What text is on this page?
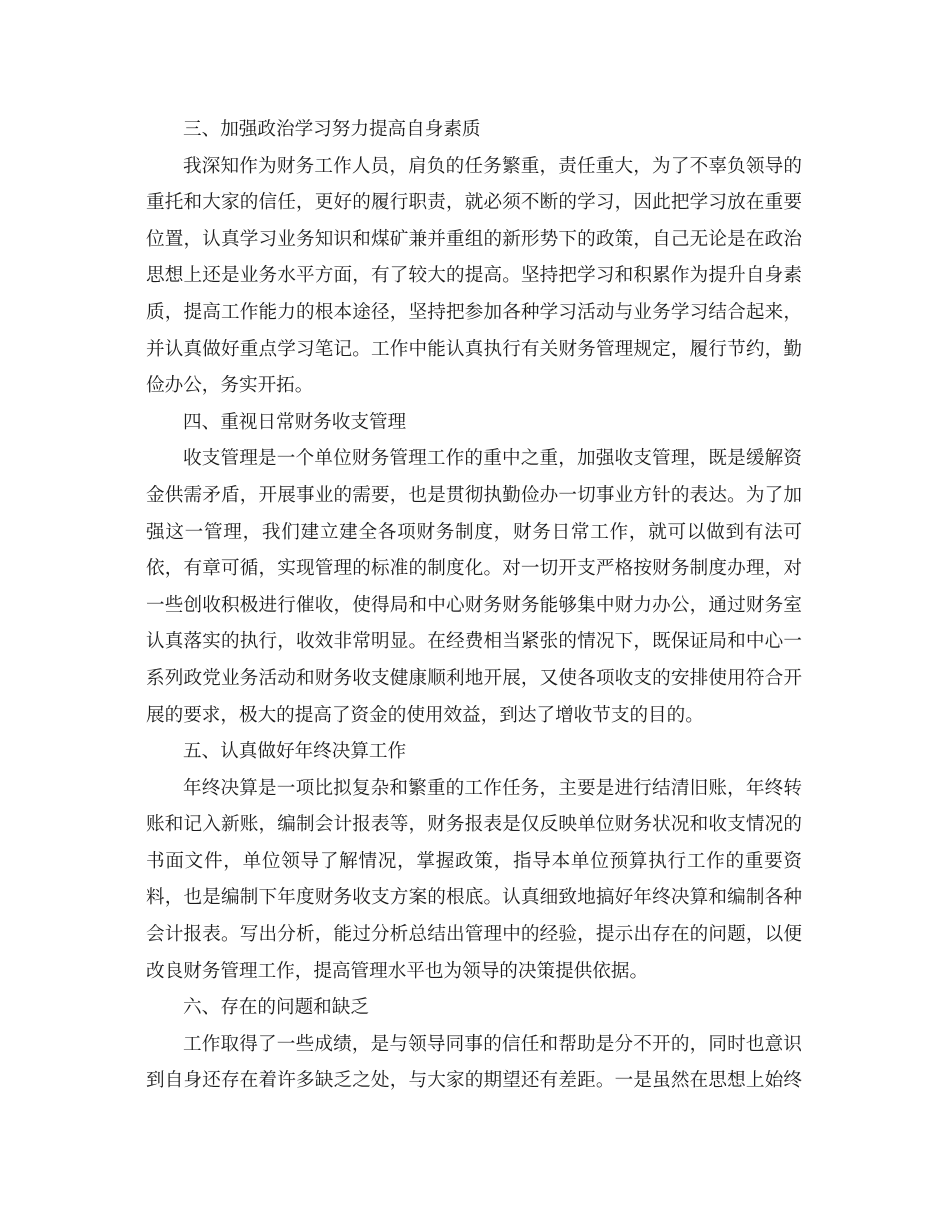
三、加强政治学习努力提高自身素质
我深知作为财务工作人员，肩负的任务繁重，责任重大，为了不辜负领导的
重托和大家的信任，更好的履行职责，就必须不断的学习，因此把学习放在重要
位置，认真学习业务知识和煤矿兼并重组的新形势下的政策，自己无论是在政治
思想上还是业务水平方面，有了较大的提高。坚持把学习和积累作为提升自身素
质，提高工作能力的根本途径，坚持把参加各种学习活动与业务学习结合起来，
并认真做好重点学习笔记。工作中能认真执行有关财务管理规定，履行节约，勤
俭办公，务实开拓。
四、重视日常财务收支管理
收支管理是一个单位财务管理工作的重中之重，加强收支管理，既是缓解资
金供需矛盾，开展事业的需要，也是贯彻执勤俭办一切事业方针的表达。为了加
强这一管理，我们建立建全各项财务制度，财务日常工作，就可以做到有法可
依，有章可循，实现管理的标准的制度化。对一切开支严格按财务制度办理，对
一些创收积极进行催收，使得局和中心财务财务能够集中财力办公，通过财务室
认真落实的执行，收效非常明显。在经费相当紧张的情况下，既保证局和中心一
系列政党业务活动和财务收支健康顺利地开展，又使各项收支的安排使用符合开
展的要求，极大的提高了资金的使用效益，到达了增收节支的目的。
五、认真做好年终决算工作
年终决算是一项比拟复杂和繁重的工作任务，主要是进行结清旧账，年终转
账和记入新账，编制会计报表等，财务报表是仅反映单位财务状况和收支情况的
书面文件，单位领导了解情况，掌握政策，指导本单位预算执行工作的重要资
料，也是编制下年度财务收支方案的根底。认真细致地搞好年终决算和编制各种
会计报表。写出分析，能过分析总结出管理中的经验，提示出存在的问题，以便
改良财务管理工作，提高管理水平也为领导的决策提供依据。
六、存在的问题和缺乏
工作取得了一些成绩，是与领导同事的信任和帮助是分不开的，同时也意识
到自身还存在着许多缺乏之处，与大家的期望还有差距。一是虽然在思想上始终
